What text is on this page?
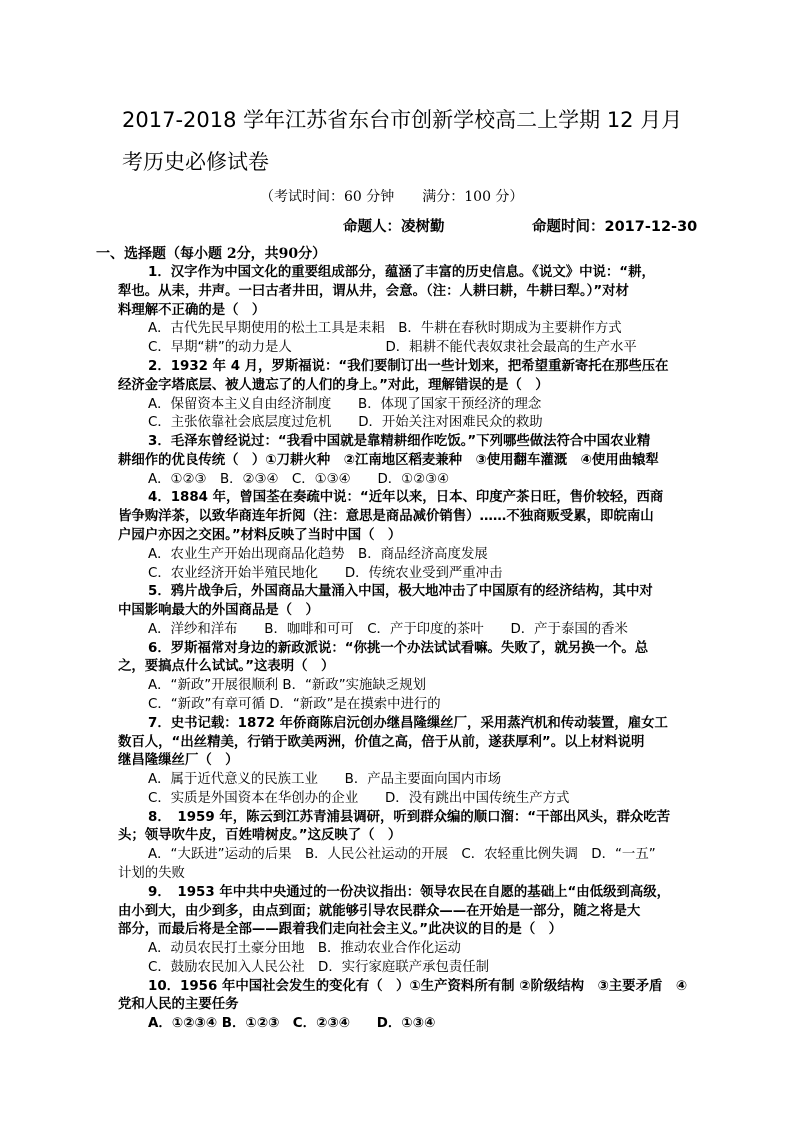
2017-2018 学年江苏省东台市创新学校高二上学期 12 月月
考历史必修试卷
（考试时间：60 分钟　　满分：100 分）
命题人：凌树勤	命题时间：2017-12-30
一、选择题（每小题 2分，共90分）
1．汉字作为中国文化的重要组成部分，蕴涵了丰富的历史信息。《说文》中说：“耕，
犁也。从耒，井声。一曰古者井田，谓从井，会意。（注：人耕曰耕，牛耕曰犁。）”对材
料理解不正确的是（　）
A．古代先民早期使用的松土工具是耒耜　B．牛耕在春秋时期成为主要耕作方式
C．早期“耕”的动力是人　　　　　　　D．耜耕不能代表奴隶社会最高的生产水平
2．1932 年 4 月，罗斯福说：“我们要制订出一些计划来，把希望重新寄托在那些压在
经济金字塔底层、被人遗忘了的人们的身上。”对此，理解错误的是（　）
A．保留资本主义自由经济制度　　B．体现了国家干预经济的理念
C．主张依靠社会底层度过危机　　D．开始关注对困难民众的救助
3．毛泽东曾经说过：“我看中国就是靠精耕细作吃饭。”下列哪些做法符合中国农业精
耕细作的优良传统（　）①刀耕火种　②江南地区稻麦兼种　③使用翻车灌溉　④使用曲辕犁
A．①②③　B．②③④　C．①③④　　D．①②③④
4．1884 年，曾国荃在奏疏中说：“近年以来，日本、印度产茶日旺，售价较轻，西商
皆争购洋茶，以致华商连年折阅（注：意思是商品减价销售）……不独商贩受累，即皖南山
户园户亦因之交困。”材料反映了当时中国（　）
A．农业生产开始出现商品化趋势　B．商品经济高度发展
C．农业经济开始半殖民地化　　D．传统农业受到严重冲击
5．鸦片战争后，外国商品大量涌入中国，极大地冲击了中国原有的经济结构，其中对
中国影响最大的外国商品是（　）
A．洋纱和洋布　　B．咖啡和可可　C．产于印度的茶叶　　D．产于泰国的香米
6．罗斯福常对身边的新政派说：“你挑一个办法试试看嘛。失败了，就另换一个。总
之，要搞点什么试试。”这表明（　）
A．“新政”开展很顺利 B．“新政”实施缺乏规划
C．“新政”有章可循 D．“新政”是在摸索中进行的
7．史书记载：1872 年侨商陈启沅创办继昌隆缫丝厂，采用蒸汽机和传动装置，雇女工
数百人，“出丝精美，行销于欧美两洲，价值之高，倍于从前，遂获厚利”。以上材料说明
继昌隆缫丝厂（　）
A．属于近代意义的民族工业　　B．产品主要面向国内市场
C．实质是外国资本在华创办的企业　　D．没有跳出中国传统生产方式
8．　1959 年，陈云到江苏青浦县调研，听到群众编的顺口溜：“干部出风头，群众吃苦
头；领导吹牛皮，百姓啃树皮。”这反映了（　）
A．“大跃进”运动的后果　B．人民公社运动的开展　C．农轻重比例失调　D．“一五”
计划的失败
9．　1953 年中共中央通过的一份决议指出：领导农民在自愿的基础上“由低级到高级，
由小到大，由少到多，由点到面；就能够引导农民群众——在开始是一部分，随之将是大
部分，而最后将是全部——跟着我们走向社会主义。”此决议的目的是（　）
A．动员农民打土豪分田地　B．推动农业合作化运动
C．鼓励农民加入人民公社　D．实行家庭联产承包责任制
10．1956 年中国社会发生的变化有（　）①生产资料所有制 ②阶级结构　③主要矛盾　④
党和人民的主要任务
A．①②③④ B．①②③　C．②③④　　D．①③④
